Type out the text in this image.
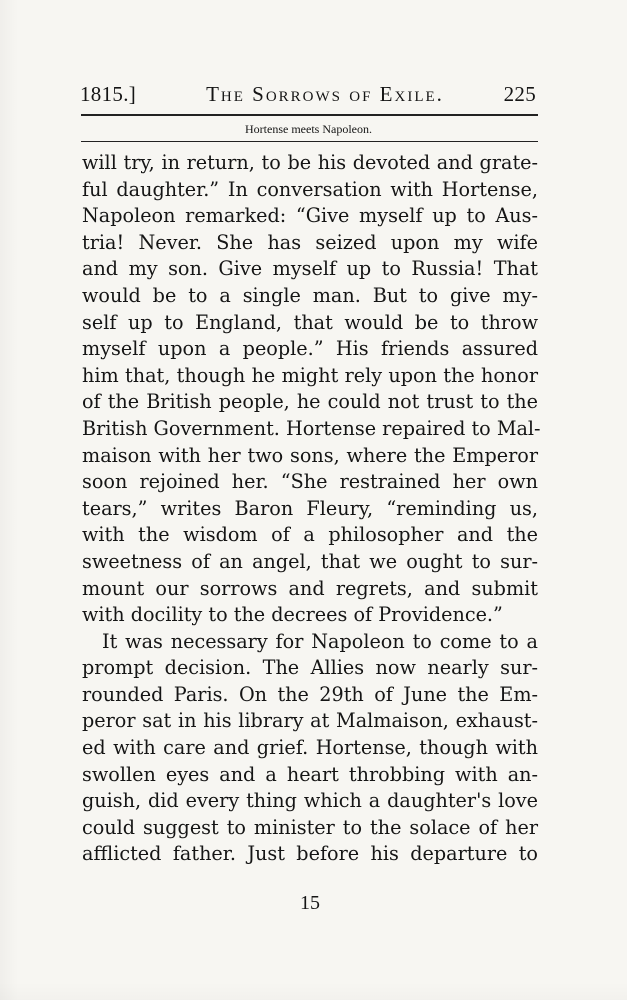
1815.]	The Sorrows of Exile.	225
Hortense meets Napoleon.
will try, in return, to be his devoted and grate-
ful daughter.” In conversation with Hortense,
Napoleon remarked: “Give myself up to Aus-
tria! Never. She has seized upon my wife
and my son. Give myself up to Russia! That
would be to a single man. But to give my-
self up to England, that would be to throw
myself upon a people.” His friends assured
him that, though he might rely upon the honor
of the British people, he could not trust to the
British Government. Hortense repaired to Mal-
maison with her two sons, where the Emperor
soon rejoined her. “She restrained her own
tears,” writes Baron Fleury, “reminding us,
with the wisdom of a philosopher and the
sweetness of an angel, that we ought to sur-
mount our sorrows and regrets, and submit
with docility to the decrees of Providence.”
It was necessary for Napoleon to come to a
prompt decision. The Allies now nearly sur-
rounded Paris. On the 29th of June the Em-
peror sat in his library at Malmaison, exhaust-
ed with care and grief. Hortense, though with
swollen eyes and a heart throbbing with an-
guish, did every thing which a daughter's love
could suggest to minister to the solace of her
afflicted father. Just before his departure to
15
